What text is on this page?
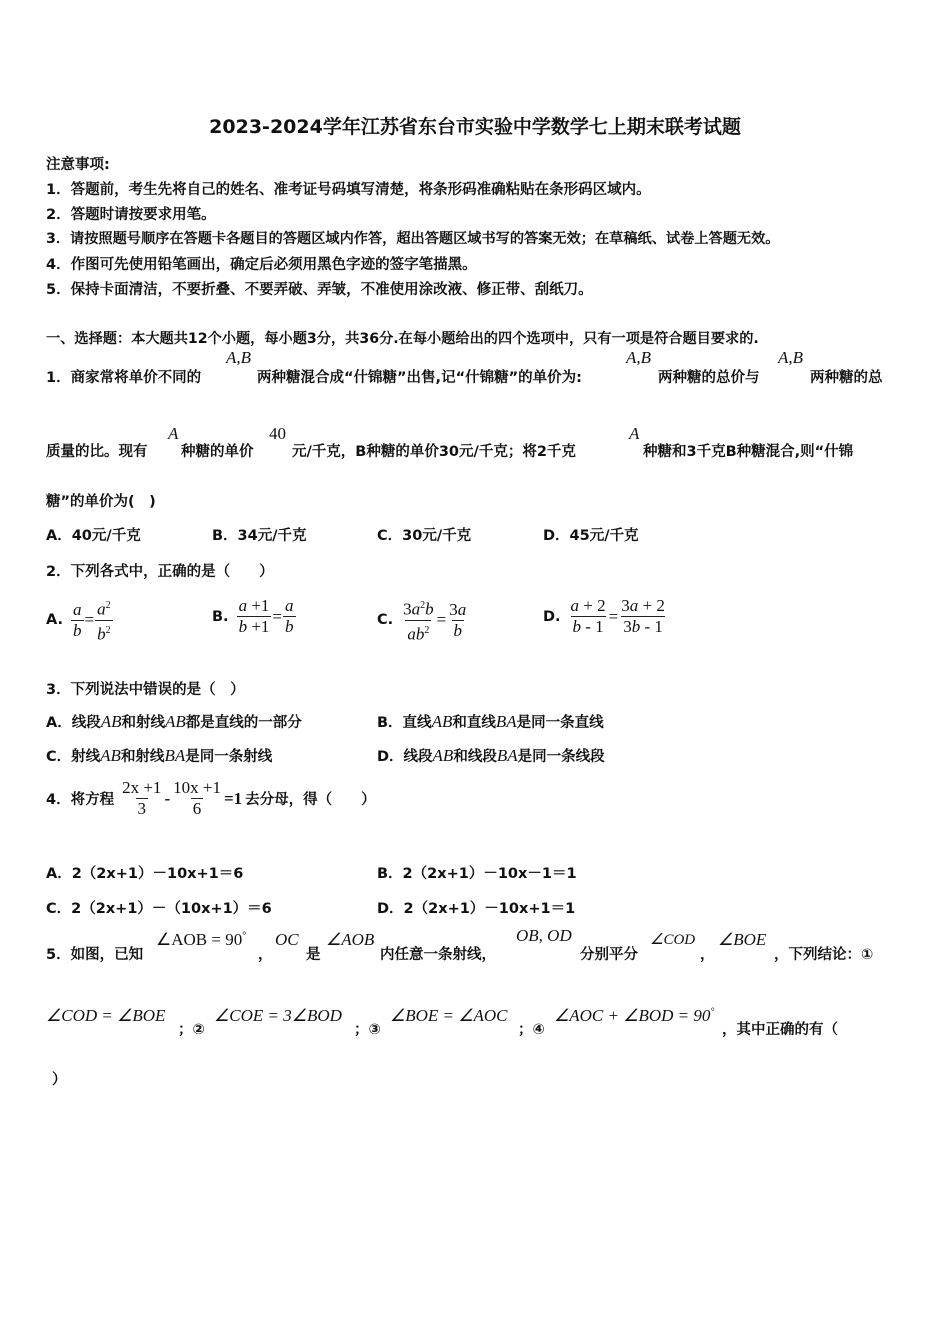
2023-2024学年江苏省东台市实验中学数学七上期末联考试题
注意事项:
1．答题前，考生先将自己的姓名、准考证号码填写清楚，将条形码准确粘贴在条形码区域内。
2．答题时请按要求用笔。
3．请按照题号顺序在答题卡各题目的答题区域内作答，超出答题区域书写的答案无效；在草稿纸、试卷上答题无效。
4．作图可先使用铅笔画出，确定后必须用黑色字迹的签字笔描黑。
5．保持卡面清洁，不要折叠、不要弄破、弄皱，不准使用涂改液、修正带、刮纸刀。
一、选择题：本大题共12个小题，每小题3分，共36分.在每小题给出的四个选项中，只有一项是符合题目要求的.
1．商家常将单价不同的
A,B
两种糖混合成“什锦糖”出售,记“什锦糖”的单价为:
A,B
两种糖的总价与
A,B
两种糖的总
质量的比。现有
A
种糖的单价
40
元/千克，B种糖的单价30元/千克；将2千克
A
种糖和3千克B种糖混合,则“什锦
糖”的单价为(　)
A．40元/千克	B．34元/千克	C．30元/千克	D．45元/千克
2．下列各式中，正确的是（　　）
A. $\frac{a}{b} = \frac{a^2}{b^2}$	B. $\frac{a +1}{b +1} = \frac{a}{b}$	C. $\frac{3a^2b}{ab^2} = \frac{3a}{b}$	D. $\frac{a + 2}{b - 1} = \frac{3a + 2}{3b - 1}$
3．下列说法中错误的是（　）
A．线段AB和射线AB都是直线的一部分	B．直线AB和直线BA是同一条直线
C．射线AB和射线BA是同一条射线	D．线段AB和线段BA是同一条线段
4．将方程 $\frac{2x +1}{3} - \frac{10x +1}{6} =1$ 去分母，得（　　）
A．2（2x+1）－10x+1＝6	B．2（2x+1）－10x－1＝1
C．2（2x+1）－（10x+1）＝6	D．2（2x+1）－10x+1＝1
5．如图，已知
∠AOB = 90°
，
OC
是
∠AOB
内任意一条射线，
OB, OD
分别平分
∠COD
，
∠BOE
，下列结论：①
∠COD = ∠BOE
；②
∠COE = 3∠BOD
；③
∠BOE = ∠AOC
；④
∠AOC + ∠BOD = 90°
，其中正确的有（
）
